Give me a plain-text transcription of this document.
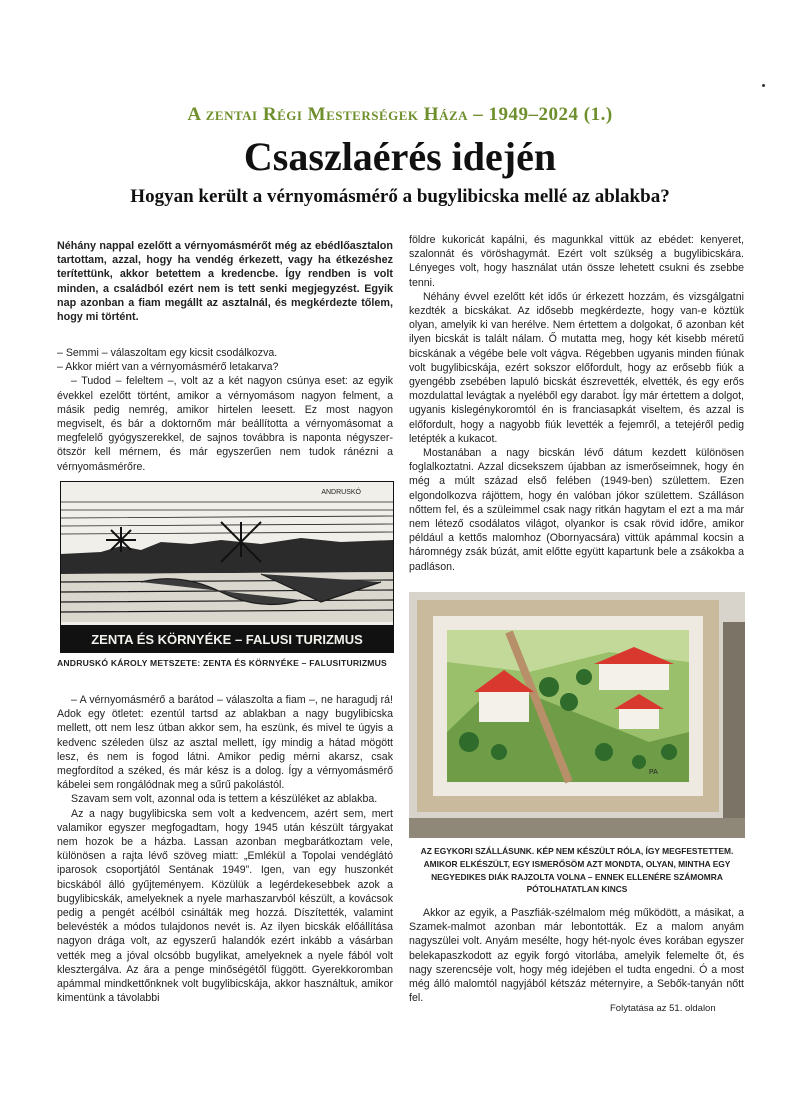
A zentai Régi Mesterségek Háza – 1949–2024 (1.)
Csaszlaérés idején
Hogyan került a vérnyomásmérő a bugylibicska mellé az ablakba?
Néhány nappal ezelőtt a vérnyomásmérőt még az ebédlőasztalon tartottam, azzal, hogy ha vendég érkezett, vagy ha étkezéshez terítettünk, akkor betettem a kredencbe. Így rendben is volt minden, a családból ezért nem is tett senki megjegyzést. Egyik nap azonban a fiam megállt az asztalnál, és megkérdezte tőlem, hogy mi történt.

– Semmi – válaszoltam egy kicsit csodálkozva.

– Akkor miért van a vérnyomásmérő letakarva?

– Tudod – feleltem –, volt az a két nagyon csúnya eset: az egyik évekkel ezelőtt történt, amikor a vérnyomásom nagyon felment, a másik pedig nemrég, amikor hirtelen leesett. Ez most nagyon megviselt, és bár a doktornőm már beállította a vérnyomásomat a megfelelő gyógyszerekkel, de sajnos továbbra is naponta négyszer-ötször kell mérnem, és már egyszerűen nem tudok ránézni a vérnyomásmérőre.

ZENTA ÉS KÖRNYÉKE – FALUSI TURIZMUS
ANDRUSKÓ
ANDRUSKÓ KÁROLY METSZETE: ZENTA ÉS KÖRNYÉKE – FALUSITURIZMUS

– A vérnyomásmérő a barátod – válaszolta a fiam –, ne haragudj rá! Adok egy ötletet: ezentúl tartsd az ablakban a nagy bugylibicska mellett, ott nem lesz útban akkor sem, ha eszünk, és mivel te úgyis a kedvenc széleden ülsz az asztal mellett, így mindig a hátad mögött lesz, és nem is fogod látni. Amikor pedig mérni akarsz, csak megfordítod a széked, és már kész is a dolog. Így a vérnyomásmérő kábelei sem rongálódnak meg a sűrű pakolástól.

Szavam sem volt, azonnal oda is tettem a készüléket az ablakba.

Az a nagy bugylibicska sem volt a kedvencem, azért sem, mert valamikor egyszer megfogadtam, hogy 1945 után készült tárgyakat nem hozok be a házba. Lassan azonban megbarátkoztam vele, különösen a rajta lévő szöveg miatt: „Emlékül a Topolai vendéglátó iparosok csoportjától Sentának 1949”. Igen, van egy huszonkét bicskából álló gyűjteményem. Közülük a legérdekesebbek azok a bugylibicskák, amelyeknek a nyele marhaszarvból készült, a kovácsok pedig a pengét acélból csinálták meg hozzá. Díszítették, valamint belevésték a módos tulajdonos nevét is. Az ilyen bicskák előállítása nagyon drága volt, az egyszerű halandók ezért inkább a vásárban vették meg a jóval olcsóbb bugylikat, amelyeknek a nyele fából volt klesztergálva. Az ára a penge minőségétől függött. Gyerekkoromban apámmal mindkettőnknek volt bugylibicskája, akkor használtuk, amikor kimentünk a távolabbi

földre kukoricát kapálni, és magunkkal vittük az ebédet: kenyeret, szalonnát és vöröshagymát. Ezért volt szükség a bugylibicskára. Lényeges volt, hogy használat után össze lehetett csukni és zsebbe tenni.

Néhány évvel ezelőtt két idős úr érkezett hozzám, és vizsgálgatni kezdték a bicskákat. Az idősebb megkérdezte, hogy van-e köztük olyan, amelyik ki van herélve. Nem értettem a dolgokat, ő azonban két ilyen bicskát is talált nálam. Ő mutatta meg, hogy két kisebb méretű bicskának a végébe bele volt vágva. Régebben ugyanis minden fiúnak volt bugylibicskája, ezért sokszor előfordult, hogy az erősebb fiúk a gyengébb zsebében lapuló bicskát észrevették, elvették, és egy erős mozdulattal levágtak a nyeléből egy darabot. Így már értettem a dolgot, ugyanis kislegénykoromtól én is franciasapkát viseltem, és azzal is előfordult, hogy a nagyobb fiúk levették a fejemről, a tetejéről pedig letépték a kukacot.

Mostanában a nagy bicskán lévő dátum kezdett különösen foglalkoztatni. Azzal dicsekszem újabban az ismerőseimnek, hogy én még a múlt század első felében (1949-ben) születtem. Ezen elgondolkozva rájöttem, hogy én valóban jókor születtem. Szálláson nőttem fel, és a szüleimmel csak nagy ritkán hagytam el ezt a ma már nem létező csodálatos világot, olyankor is csak rövid időre, amikor például a kettős malomhoz (Obornyacsára) vittük apámmal kocsin a háromnégy zsák búzát, amit előtte együtt kapartunk bele a zsákokba a padláson.

PA
AZ EGYKORI SZÁLLÁSUNK. KÉP NEM KÉSZÜLT RÓLA, ÍGY MEGFESTETTEM. AMIKOR ELKÉSZÜLT, EGY ISMERŐSÖM AZT MONDTA, OLYAN, MINTHA EGY NEGYEDIKES DIÁK RAJZOLTA VOLNA – ENNEK ELLENÉRE SZÁMOMRA PÓTOLHATATLAN KINCS

Akkor az egyik, a Paszfiák-szélmalom még működött, a másikat, a Szamek-malmot azonban már lebontották. Ez a malom anyám nagyszülei volt. Anyám mesélte, hogy hét-nyolc éves korában egyszer belekapaszkodott az egyik forgó vitorlába, amelyik felemelte őt, és nagy szerencséje volt, hogy még idejében el tudta engedni. Ó a most még álló malomtól nagyjából kétszáz méternyire, a Sebők-tanyán nőtt fel.

Folytatása az 51. oldalon
